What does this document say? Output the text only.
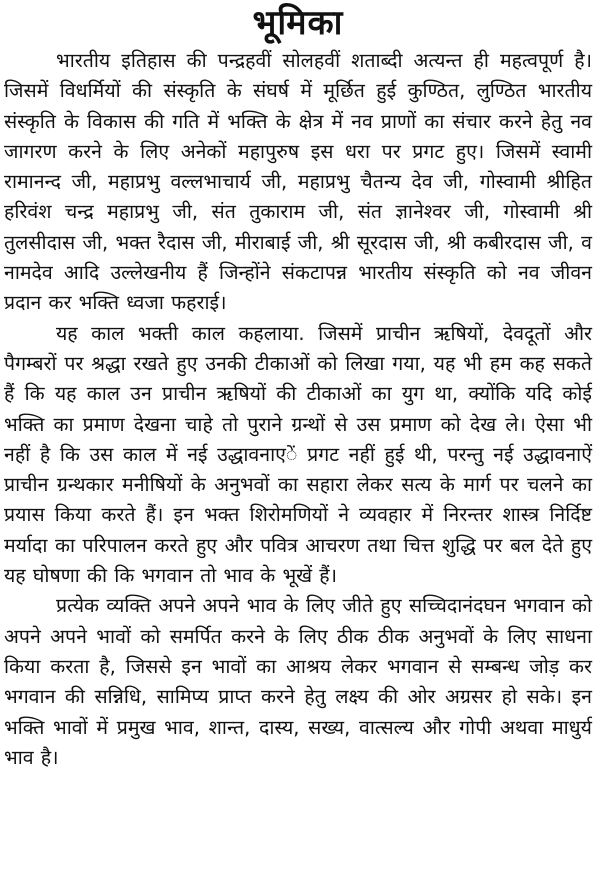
भूमिका

भारतीय इतिहास की पन्द्रहवीं सोलहवीं शताब्दी अत्यन्त ही महत्वपूर्ण है। जिसमें विधर्मियों की संस्कृति के संघर्ष में मूर्छित हुई कुण्ठित, लुण्ठित भारतीय संस्कृति के विकास की गति में भक्ति के क्षेत्र में नव प्राणों का संचार करने हेतु नव जागरण करने के लिए अनेकों महापुरुष इस धरा पर प्रगट हुए। जिसमें स्वामी रामानन्द जी, महाप्रभु वल्लभाचार्य जी, महाप्रभु चैतन्य देव जी, गोस्वामी श्रीहित हरिवंश चन्द्र महाप्रभु जी, संत तुकाराम जी, संत ज्ञानेश्वर जी, गोस्वामी श्री तुलसीदास जी, भक्त रैदास जी, मीराबाई जी, श्री सूरदास जी, श्री कबीरदास जी, व नामदेव आदि उल्लेखनीय हैं जिन्होंने संकटापन्न भारतीय संस्कृति को नव जीवन प्रदान कर भक्ति ध्वजा फहराई।

यह काल भक्ती काल कहलाया. जिसमें प्राचीन ऋषियों, देवदूतों और पैगम्बरों पर श्रद्धा रखते हुए उनकी टीकाओं को लिखा गया, यह भी हम कह सकते हैं कि यह काल उन प्राचीन ऋषियों की टीकाओं का युग था, क्योंकि यदि कोई भक्ति का प्रमाण देखना चाहे तो पुराने ग्रन्थों से उस प्रमाण को देख ले। ऐसा भी नहीं है कि उस काल में नई उद्धावनाएें प्रगट नहीं हुई थी, परन्तु नई उद्धावनाऐं प्राचीन ग्रन्थकार मनीषियों के अनुभवों का सहारा लेकर सत्य के मार्ग पर चलने का प्रयास किया करते हैं। इन भक्त शिरोमणियों ने व्यवहार में निरन्तर शास्त्र निर्दिष्ट मर्यादा का परिपालन करते हुए और पवित्र आचरण तथा चित्त शुद्धि पर बल देते हुए यह घोषणा की कि भगवान तो भाव के भूखें हैं।

प्रत्येक व्यक्ति अपने अपने भाव के लिए जीते हुए सच्चिदानंदघन भगवान को अपने अपने भावों को समर्पित करने के लिए ठीक ठीक अनुभवों के लिए साधना किया करता है, जिससे इन भावों का आश्रय लेकर भगवान से सम्बन्ध जोड़ कर भगवान की सन्निधि, सामिप्य प्राप्त करने हेतु लक्ष्य की ओर अग्रसर हो सके। इन भक्ति भावों में प्रमुख भाव, शान्त, दास्य, सख्य, वात्सल्य और गोपी अथवा माधुर्य भाव है।
